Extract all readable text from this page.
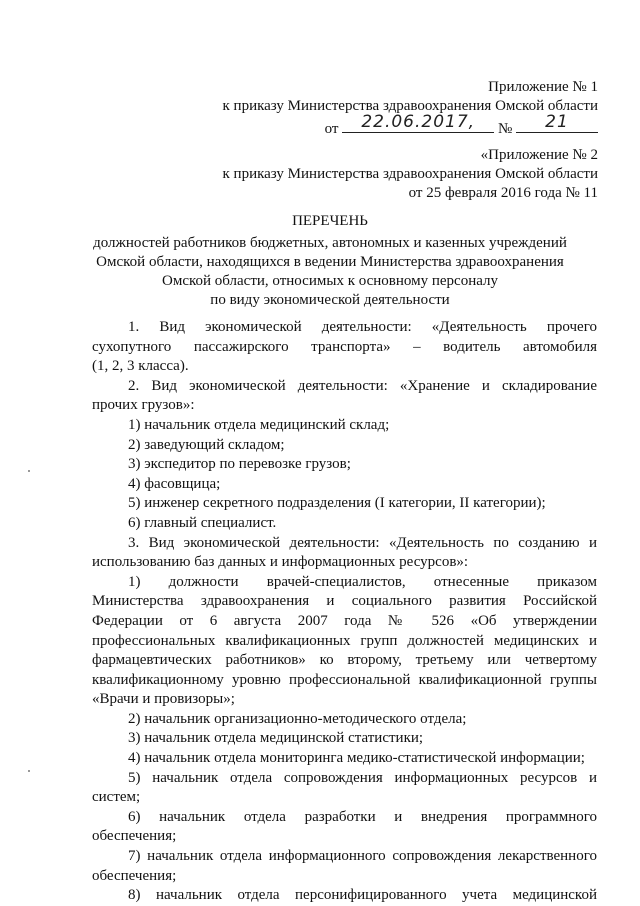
Приложение № 1
к приказу Министерства здравоохранения Омской области
от	22.06.2017,	№	21
«Приложение № 2
к приказу Министерства здравоохранения Омской области
от 25 февраля 2016 года № 11
ПЕРЕЧЕНЬ
должностей работников бюджетных, автономных и казенных учреждений
Омской области, находящихся в ведении Министерства здравоохранения
Омской области, относимых к основному персоналу
по виду экономической деятельности

1. Вид экономической деятельности: «Деятельность прочего

сухопутного пассажирского транспорта» – водитель автомобиля

(1, 2, 3 класса).

2. Вид экономической деятельности: «Хранение и складирование

прочих грузов»:

1) начальник отдела медицинский склад;

2) заведующий складом;

3) экспедитор по перевозке грузов;

4) фасовщица;

5) инженер секретного подразделения (I категории, II категории);

6) главный специалист.

3. Вид экономической деятельности: «Деятельность по созданию и

использованию баз данных и информационных ресурсов»:

1) должности врачей-специалистов, отнесенные приказом

Министерства здравоохранения и социального развития Российской

Федерации от 6 августа 2007 года № 526 «Об утверждении

профессиональных квалификационных групп должностей медицинских и

фармацевтических работников» ко второму, третьему или четвертому

квалификационному уровню профессиональной квалификационной группы

«Врачи и провизоры»;

2) начальник организационно-методического отдела;

3) начальник отдела медицинской статистики;

4) начальник отдела мониторинга медико-статистической информации;

5) начальник отдела сопровождения информационных ресурсов и

систем;

6) начальник отдела разработки и внедрения программного

обеспечения;

7) начальник отдела информационного сопровождения лекарственного

обеспечения;

8) начальник отдела персонифицированного учета медицинской
